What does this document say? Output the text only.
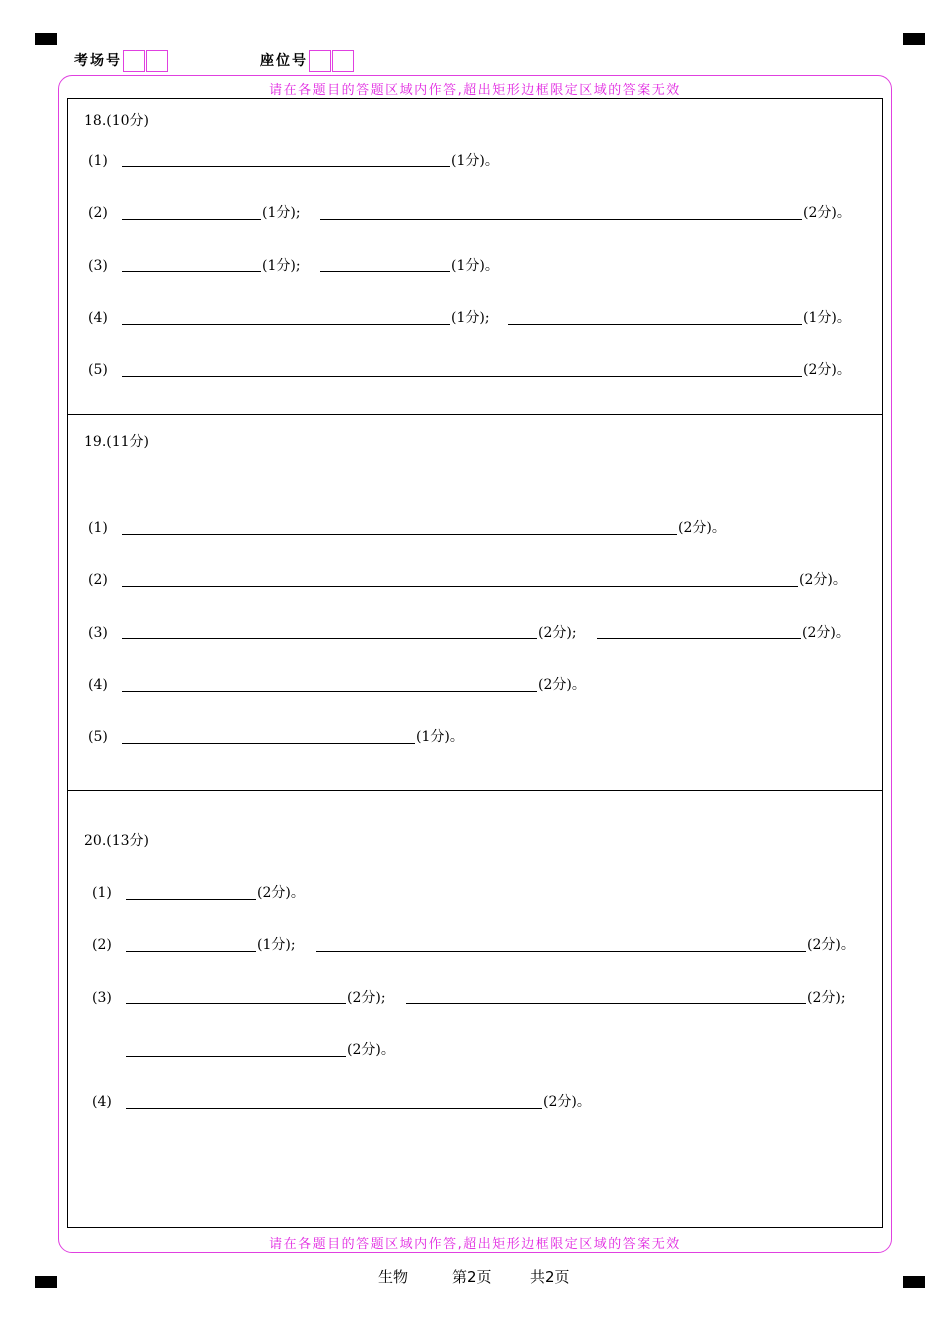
考场号	座位号
请在各题目的答题区域内作答,超出矩形边框限定区域的答案无效
请在各题目的答题区域内作答,超出矩形边框限定区域的答案无效
18.(10分)
(1)	(1分)。
(2)	(1分);	(2分)。
(3)	(1分);	(1分)。
(4)	(1分);	(1分)。
(5)	(2分)。
19.(11分)
(1)	(2分)。
(2)	(2分)。
(3)	(2分);	(2分)。
(4)	(2分)。
(5)	(1分)。
20.(13分)
(1)	(2分)。
(2)	(1分);	(2分)。
(3)	(2分);	(2分);
(2分)。
(4)	(2分)。
生物	第2页	共2页
